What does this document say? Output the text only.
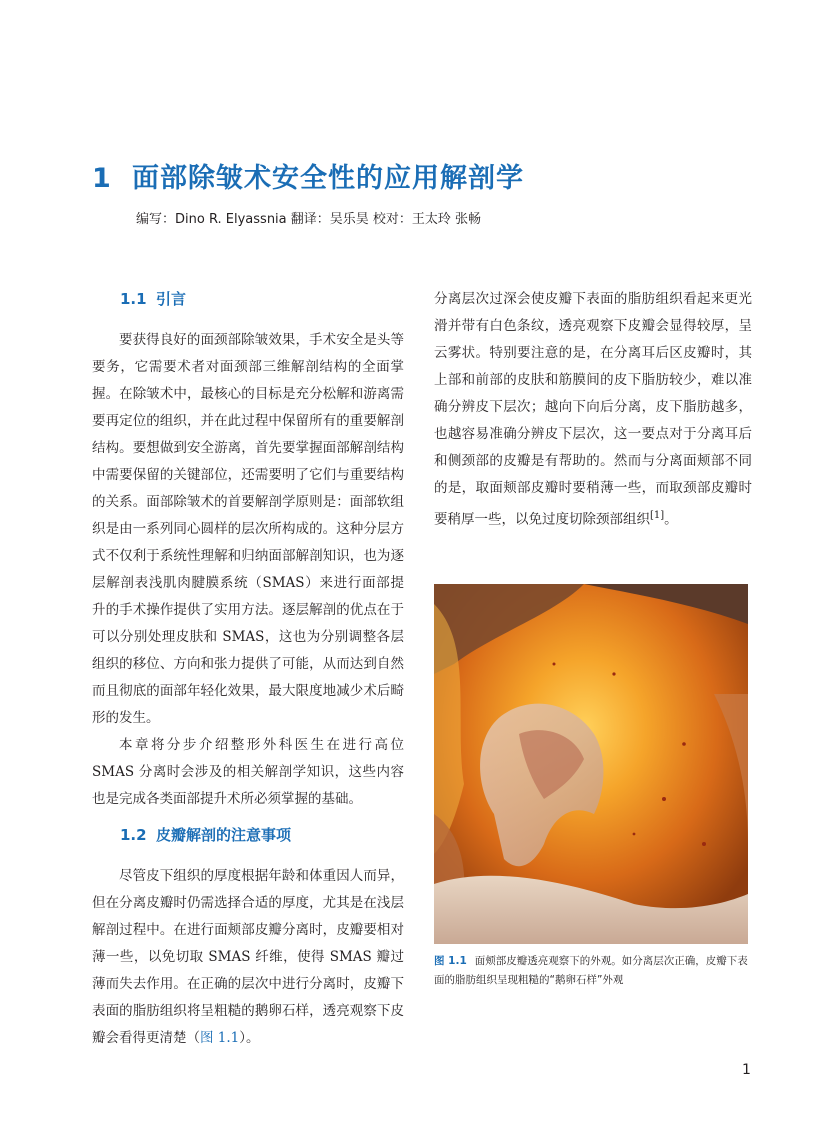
1 面部除皱术安全性的应用解剖学
编写：Dino R. Elyassnia 翻译：吴乐昊 校对：王太玲 张畅
1.1 引言

要获得良好的面颈部除皱效果，手术安全是头等要务，它需要术者对面颈部三维解剖结构的全面掌握。在除皱术中，最核心的目标是充分松解和游离需要再定位的组织，并在此过程中保留所有的重要解剖结构。要想做到安全游离，首先要掌握面部解剖结构中需要保留的关键部位，还需要明了它们与重要结构的关系。面部除皱术的首要解剖学原则是：面部软组织是由一系列同心圆样的层次所构成的。这种分层方式不仅利于系统性理解和归纳面部解剖知识，也为逐层解剖表浅肌肉腱膜系统（SMAS）来进行面部提升的手术操作提供了实用方法。逐层解剖的优点在于可以分别处理皮肤和 SMAS，这也为分别调整各层组织的移位、方向和张力提供了可能，从而达到自然而且彻底的面部年轻化效果，最大限度地减少术后畸形的发生。

本章将分步介绍整形外科医生在进行高位 SMAS 分离时会涉及的相关解剖学知识，这些内容也是完成各类面部提升术所必须掌握的基础。

1.2 皮瓣解剖的注意事项

尽管皮下组织的厚度根据年龄和体重因人而异，但在分离皮瓣时仍需选择合适的厚度，尤其是在浅层解剖过程中。在进行面颊部皮瓣分离时，皮瓣要相对薄一些，以免切取 SMAS 纤维，使得 SMAS 瓣过薄而失去作用。在正确的层次中进行分离时，皮瓣下表面的脂肪组织将呈粗糙的鹅卵石样，透亮观察下皮瓣会看得更清楚（图 1.1）。

分离层次过深会使皮瓣下表面的脂肪组织看起来更光滑并带有白色条纹，透亮观察下皮瓣会显得较厚，呈云雾状。特别要注意的是，在分离耳后区皮瓣时，其上部和前部的皮肤和筋膜间的皮下脂肪较少，难以准确分辨皮下层次；越向下向后分离，皮下脂肪越多，也越容易准确分辨皮下层次，这一要点对于分离耳后和侧颈部的皮瓣是有帮助的。然而与分离面颊部不同的是，取面颊部皮瓣时要稍薄一些，而取颈部皮瓣时要稍厚一些，以免过度切除颈部组织[1]。

图 1.1 面颊部皮瓣透亮观察下的外观。如分离层次正确，皮瓣下表面的脂肪组织呈现粗糙的“鹅卵石样”外观
1
